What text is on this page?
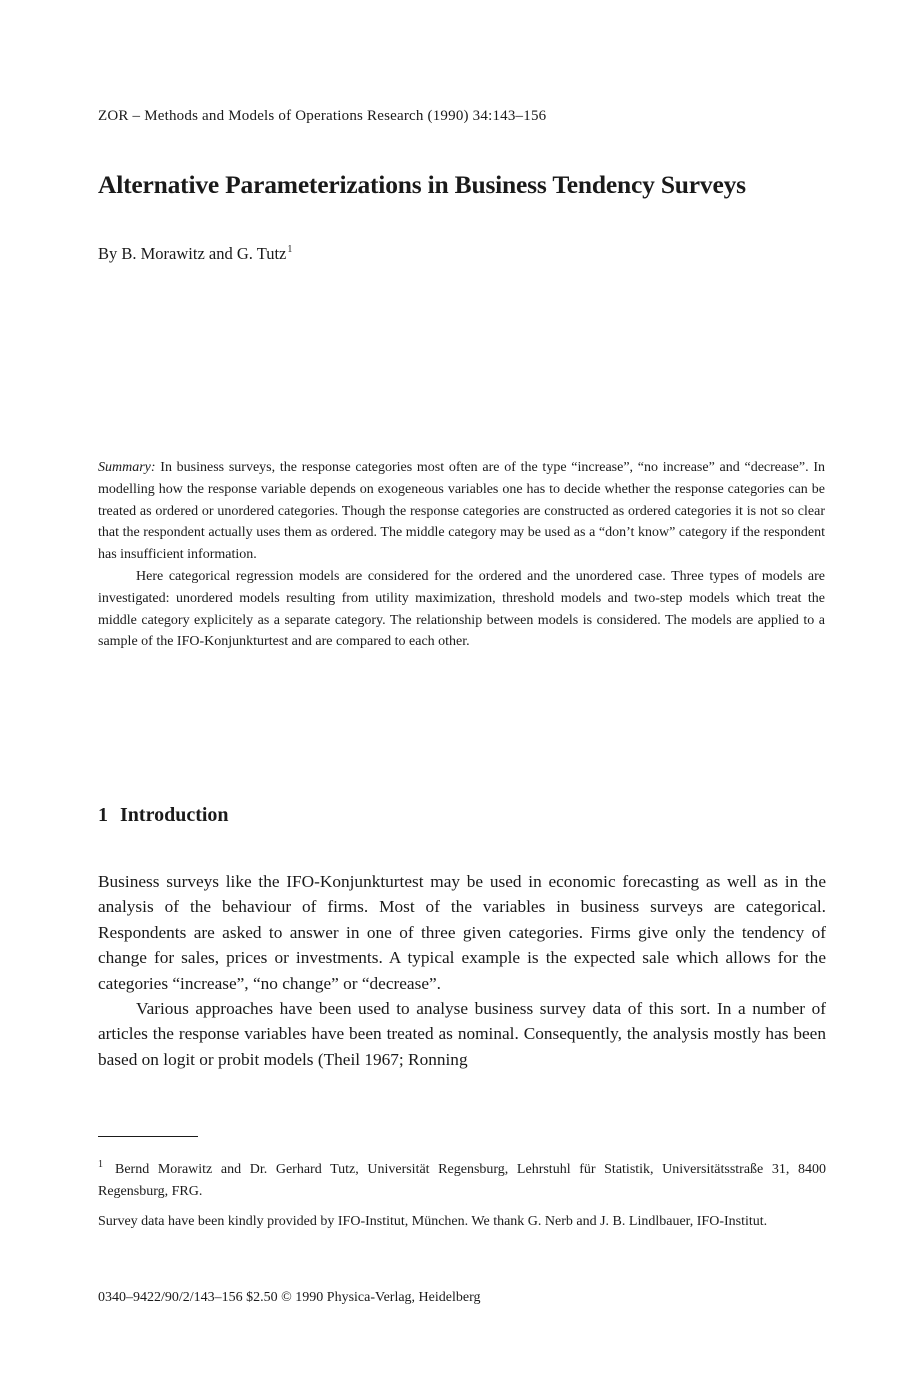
ZOR – Methods and Models of Operations Research (1990) 34:143–156
Alternative Parameterizations in Business Tendency Surveys
By B. Morawitz and G. Tutz$^1$

Summary: In business surveys, the response categories most often are of the type “increase”, “no increase” and “decrease”. In modelling how the response variable depends on exogeneous variables one has to decide whether the response categories can be treated as ordered or unordered categories. Though the response categories are constructed as ordered categories it is not so clear that the respondent actually uses them as ordered. The middle category may be used as a “don’t know” category if the respondent has insufficient information.

Here categorical regression models are considered for the ordered and the unordered case. Three types of models are investigated: unordered models resulting from utility maximization, threshold models and two-step models which treat the middle category explicitely as a separate category. The relationship between models is considered. The models are applied to a sample of the IFO-Konjunkturtest and are compared to each other.

1 Introduction

Business surveys like the IFO-Konjunkturtest may be used in economic forecasting as well as in the analysis of the behaviour of firms. Most of the variables in business surveys are categorical. Respondents are asked to answer in one of three given categories. Firms give only the tendency of change for sales, prices or investments. A typical example is the expected sale which allows for the categories “increase”, “no change” or “decrease”.

Various approaches have been used to analyse business survey data of this sort. In a number of articles the response variables have been treated as nominal. Consequently, the analysis mostly has been based on logit or probit models (Theil 1967; Ronning

$^1$ Bernd Morawitz and Dr. Gerhard Tutz, Universität Regensburg, Lehrstuhl für Statistik, Universitätsstraße 31, 8400 Regensburg, FRG.

Survey data have been kindly provided by IFO-Institut, München. We thank G. Nerb and J. B. Lindlbauer, IFO-Institut.

0340–9422/90/2/143–156 $2.50 © 1990 Physica-Verlag, Heidelberg
